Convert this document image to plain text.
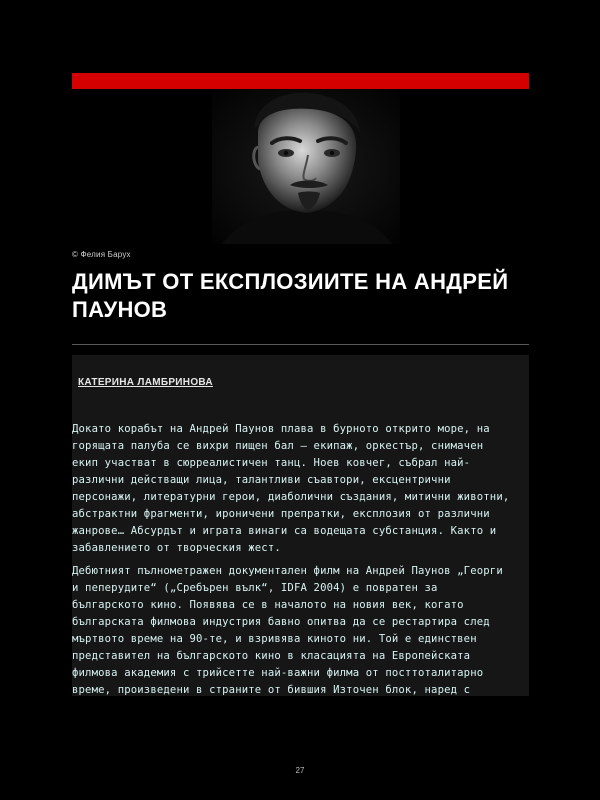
© Фелия Барух
ДИМЪТ ОТ ЕКСПЛОЗИИТЕ НА АНДРЕЙ ПАУНОВ
КАТЕРИНА ЛАМБРИНОВА

Докато корабът на Андрей Паунов плава в бурното открито море, на горящата палуба се вихри пищен бал – екипаж, оркестър, снимачен екип участват в сюрреалистичен танц. Ноев ковчег, събрал най-различни действащи лица, талантливи съавтори, ексцентрични персонажи, литературни герои, диаболични създания, митични животни, абстрактни фрагменти, ироничени препратки, експлозия от различни жанрове… Абсурдът и играта винаги са водещата субстанция. Както и забавлението от творческия жест.

Дебютният пълнометражен документален филм на Андрей Паунов „Георги и пеперудите“ („Сребърен вълк“, IDFA 2004) е повратен за българското кино. Появява се в началото на новия век, когато българската филмова индустрия бавно опитва да се рестартира след мъртвото време на 90-те, и взривява киното ни. Той е единствен представител на българското кино в класацията на Европейската филмова академия с трийсетте най-важни филма от посттоталитарно време, произведени в страните от бившия Източен блок, наред с

27
